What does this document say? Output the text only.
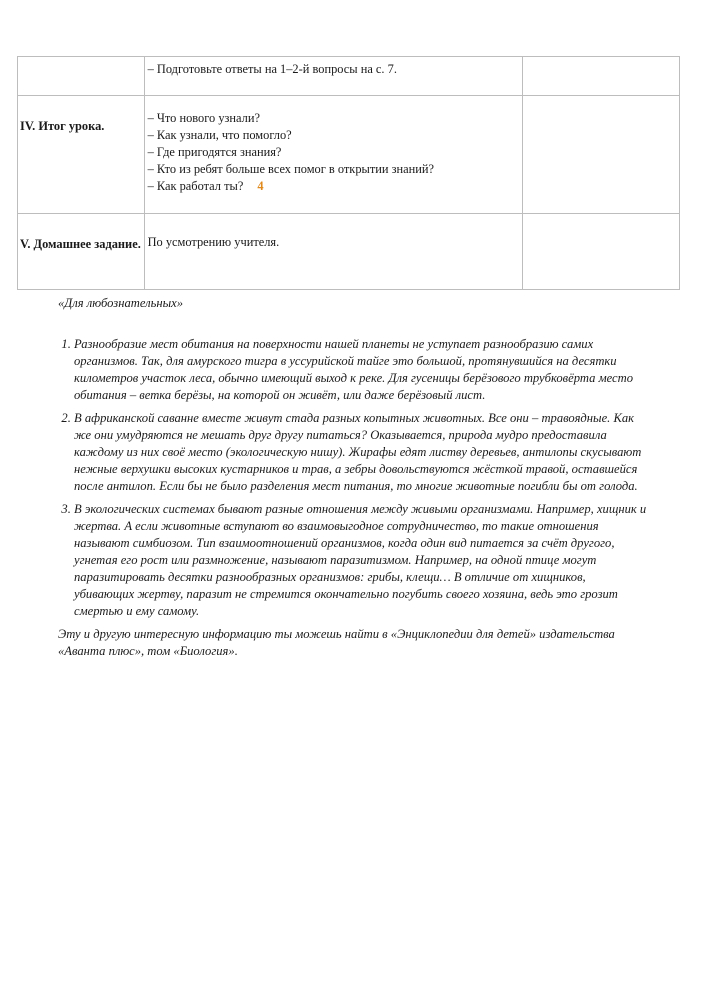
	– Подготовьте ответы на 1–2-й вопросы на с. 7.	

IV. Итог урока.	– Что нового узнали?
– Как узнали, что помогло?
– Где пригодятся знания?
– Кто из ребят больше всех помог в открытии знаний?
– Как работал ты? 4	

V. Домашнее задание.	По усмотрению учителя.	

«Для любознательных»

1. Разнообразие мест обитания на поверхности нашей планеты не уступает разнообразию самих организмов. Так, для амурского тигра в уссурийской тайге это большой, протянувшийся на десятки километров участок леса, обычно имеющий выход к реке. Для гусеницы берёзового трубковёрта место обитания – ветка берёзы, на которой он живёт, или даже берёзовый лист.
2. В африканской саванне вместе живут стада разных копытных животных. Все они – травоядные. Как же они умудряются не мешать друг другу питаться? Оказывается, природа мудро предоставила каждому из них своё место (экологическую нишу). Жирафы едят листву деревьев, антилопы скусывают нежные верхушки высоких кустарников и трав, а зебры довольствуются жёсткой травой, оставшейся после антилоп. Если бы не было разделения мест питания, то многие животные погибли бы от голода.
3. В экологических системах бывают разные отношения между живыми организмами. Например, хищник и жертва. А если животные вступают во взаимовыгодное сотрудничество, то такие отношения называют симбиозом. Тип взаимоотношений организмов, когда один вид питается за счёт другого, угнетая его рост или размножение, называют паразитизмом. Например, на одной птице могут паразитировать десятки разнообразных организмов: грибы, клещи… В отличие от хищников, убивающих жертву, паразит не стремится окончательно погубить своего хозяина, ведь это грозит смертью и ему самому.

Эту и другую интересную информацию ты можешь найти в «Энциклопедии для детей» издательства «Аванта плюс», том «Биология».
